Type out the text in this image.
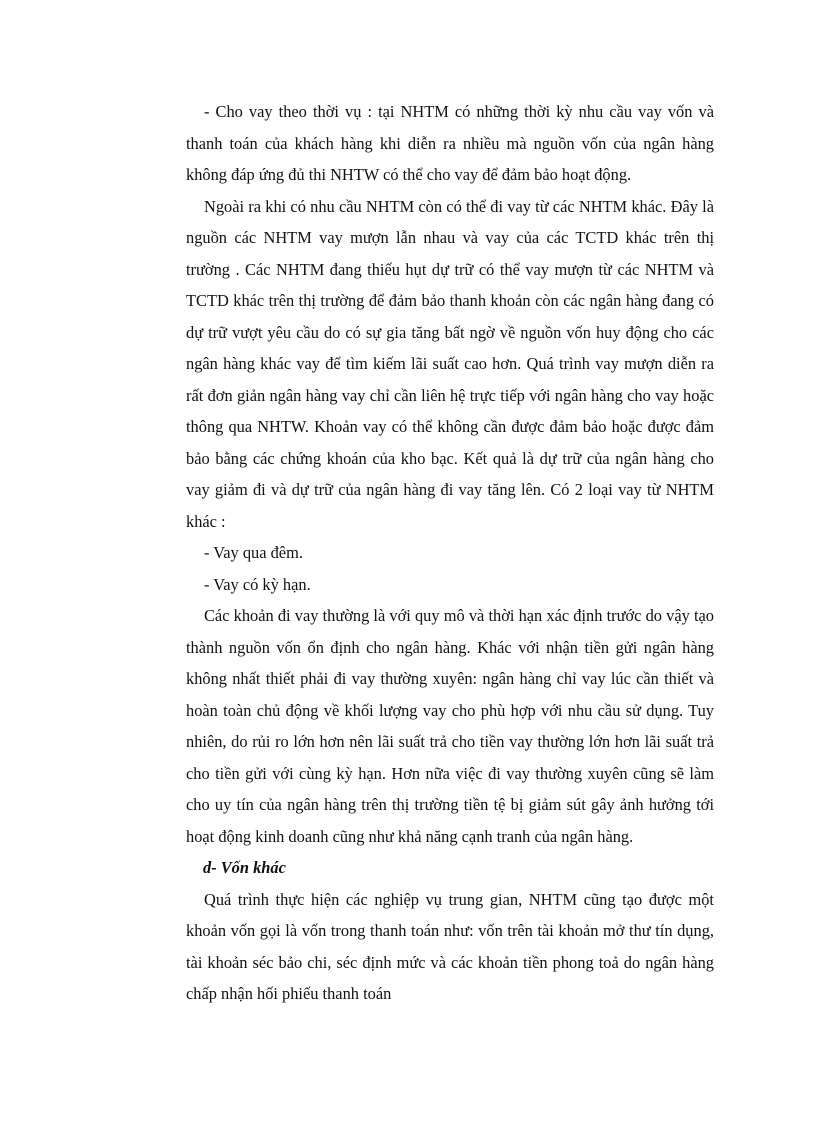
- Cho vay theo thời vụ : tại NHTM có những thời kỳ nhu cầu vay vốn và thanh toán của khách hàng khi diễn ra nhiều mà nguồn vốn của ngân hàng không đáp ứng đủ thi NHTW có thể cho vay để đảm bảo hoạt động.

Ngoài ra khi có nhu cầu NHTM còn có thể đi vay từ các NHTM khác. Đây là nguồn các NHTM vay mượn lẫn nhau và vay của các TCTD khác trên thị trường . Các NHTM đang thiếu hụt dự trữ có thể vay mượn từ các NHTM và TCTD khác trên thị trường để đảm bảo thanh khoản còn các ngân hàng đang có dự trữ vượt yêu cầu do có sự gia tăng bất ngờ về nguồn vốn huy động cho các ngân hàng khác vay để tìm kiếm lãi suất cao hơn. Quá trình vay mượn diễn ra rất đơn giản ngân hàng vay chỉ cần liên hệ trực tiếp với ngân hàng cho vay hoặc thông qua NHTW. Khoản vay có thể không cần được đảm bảo hoặc được đảm bảo bằng các chứng khoán của kho bạc. Kết quả là dự trữ của ngân hàng cho vay giảm đi và dự trữ của ngân hàng đi vay tăng lên. Có 2 loại vay từ NHTM khác :

- Vay qua đêm.

- Vay có kỳ hạn.

Các khoản đi vay thường là với quy mô và thời hạn xác định trước do vậy tạo thành nguồn vốn ổn định cho ngân hàng. Khác với nhận tiền gửi ngân hàng không nhất thiết phải đi vay thường xuyên: ngân hàng chỉ vay lúc cần thiết và hoàn toàn chủ động về khối lượng vay cho phù hợp với nhu cầu sử dụng. Tuy nhiên, do rủi ro lớn hơn nên lãi suất trả cho tiền vay thường lớn hơn lãi suất trả cho tiền gửi với cùng kỳ hạn. Hơn nữa việc đi vay thường xuyên cũng sẽ làm cho uy tín của ngân hàng trên thị trường tiền tệ bị giảm sút gây ảnh hưởng tới hoạt động kinh doanh cũng như khả năng cạnh tranh của ngân hàng.

d- Vốn khác

Quá trình thực hiện các nghiệp vụ trung gian, NHTM cũng tạo được một khoản vốn gọi là vốn trong thanh toán như: vốn trên tài khoản mở thư tín dụng, tài khoản séc bảo chi, séc định mức và các khoản tiền phong toả do ngân hàng chấp nhận hối phiếu thanh toán
